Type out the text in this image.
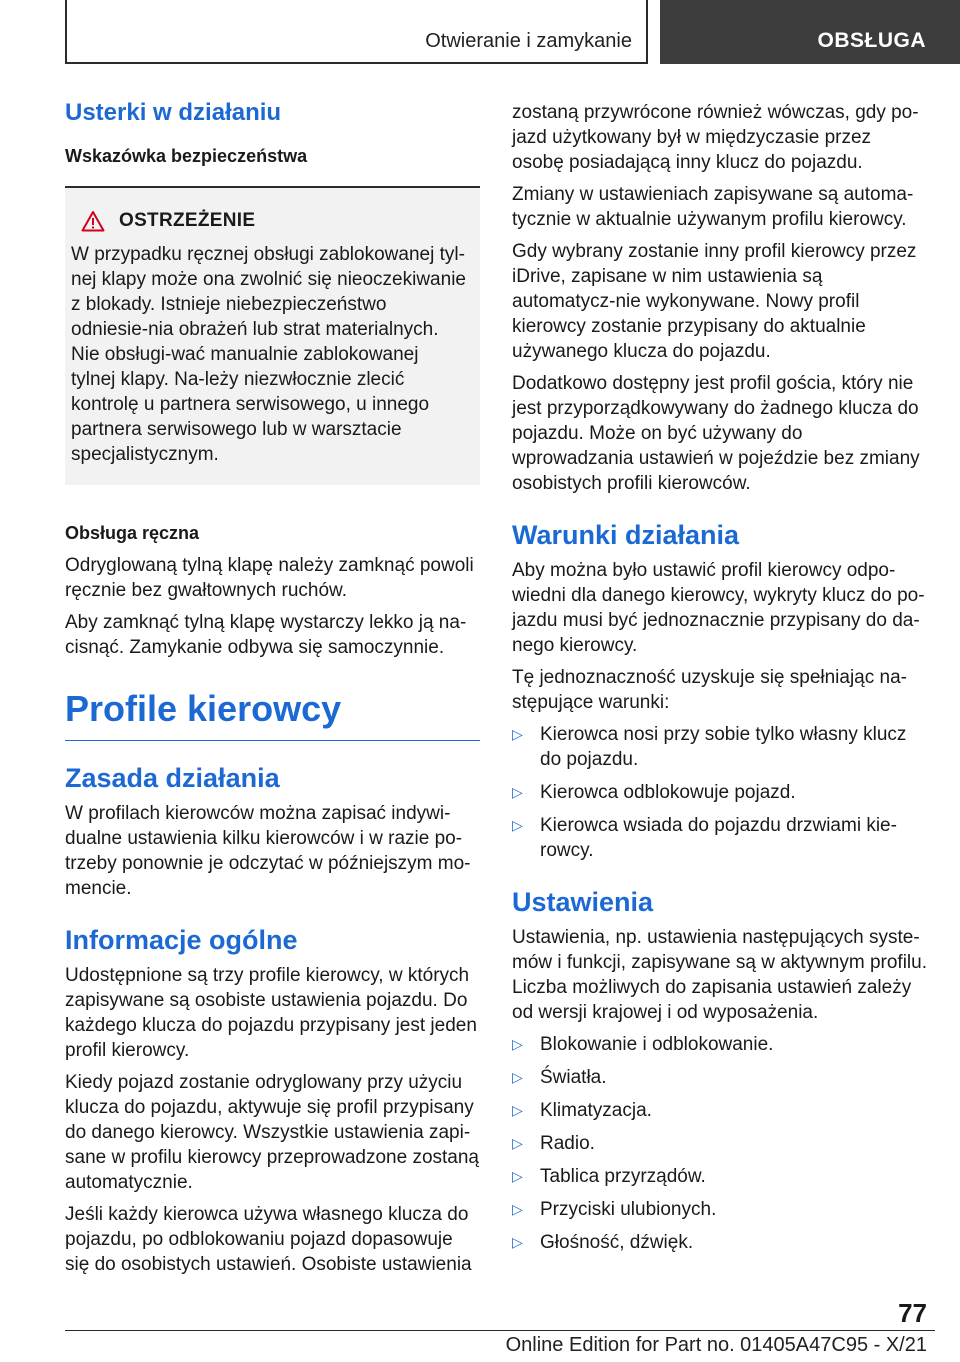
Otwieranie i zamykanie	OBSŁUGA
Usterki w działaniu
Wskazówka bezpieczeństwa
OSTRZEŻENIE

W przypadku ręcznej obsługi zablokowanej tyl-nej klapy może ona zwolnić się nieoczekiwanie z blokady. Istnieje niebezpieczeństwo odniesie-nia obrażeń lub strat materialnych. Nie obsługi-wać manualnie zablokowanej tylnej klapy. Na-leży niezwłocznie zlecić kontrolę u partnera serwisowego, u innego partnera serwisowego lub w warsztacie specjalistycznym.

Obsługa ręczna

Odryglowaną tylną klapę należy zamknąć powoli ręcznie bez gwałtownych ruchów.

Aby zamknąć tylną klapę wystarczy lekko ją na-cisnąć. Zamykanie odbywa się samoczynnie.

Profile kierowcy
Zasada działania

W profilach kierowców można zapisać indywi-dualne ustawienia kilku kierowców i w razie po-trzeby ponownie je odczytać w późniejszym mo-mencie.

Informacje ogólne

Udostępnione są trzy profile kierowcy, w których zapisywane są osobiste ustawienia pojazdu. Do każdego klucza do pojazdu przypisany jest jeden profil kierowcy.

Kiedy pojazd zostanie odryglowany przy użyciu klucza do pojazdu, aktywuje się profil przypisany do danego kierowcy. Wszystkie ustawienia zapi-sane w profilu kierowcy przeprowadzone zostaną automatycznie.

Jeśli każdy kierowca używa własnego klucza do pojazdu, po odblokowaniu pojazd dopasowuje się do osobistych ustawień. Osobiste ustawienia

zostaną przywrócone również wówczas, gdy po-jazd użytkowany był w międzyczasie przez osobę posiadającą inny klucz do pojazdu.

Zmiany w ustawieniach zapisywane są automa-tycznie w aktualnie używanym profilu kierowcy.

Gdy wybrany zostanie inny profil kierowcy przez iDrive, zapisane w nim ustawienia są automatycz-nie wykonywane. Nowy profil kierowcy zostanie przypisany do aktualnie używanego klucza do pojazdu.

Dodatkowo dostępny jest profil gościa, który nie jest przyporządkowywany do żadnego klucza do pojazdu. Może on być używany do wprowadzania ustawień w pojeździe bez zmiany osobistych profili kierowców.

Warunki działania

Aby można było ustawić profil kierowcy odpo-wiedni dla danego kierowcy, wykryty klucz do po-jazdu musi być jednoznacznie przypisany do da-nego kierowcy.

Tę jednoznaczność uzyskuje się spełniając na-stępujące warunki:

▷ Kierowca nosi przy sobie tylko własny klucz do pojazdu.
▷ Kierowca odblokowuje pojazd.
▷ Kierowca wsiada do pojazdu drzwiami kie-rowcy.
Ustawienia

Ustawienia, np. ustawienia następujących syste-mów i funkcji, zapisywane są w aktywnym profilu. Liczba możliwych do zapisania ustawień zależy od wersji krajowej i od wyposażenia.

▷ Blokowanie i odblokowanie.
▷ Światła.
▷ Klimatyzacja.
▷ Radio.
▷ Tablica przyrządów.
▷ Przyciski ulubionych.
▷ Głośność, dźwięk.
77
Online Edition for Part no. 01405A47C95 - X/21
